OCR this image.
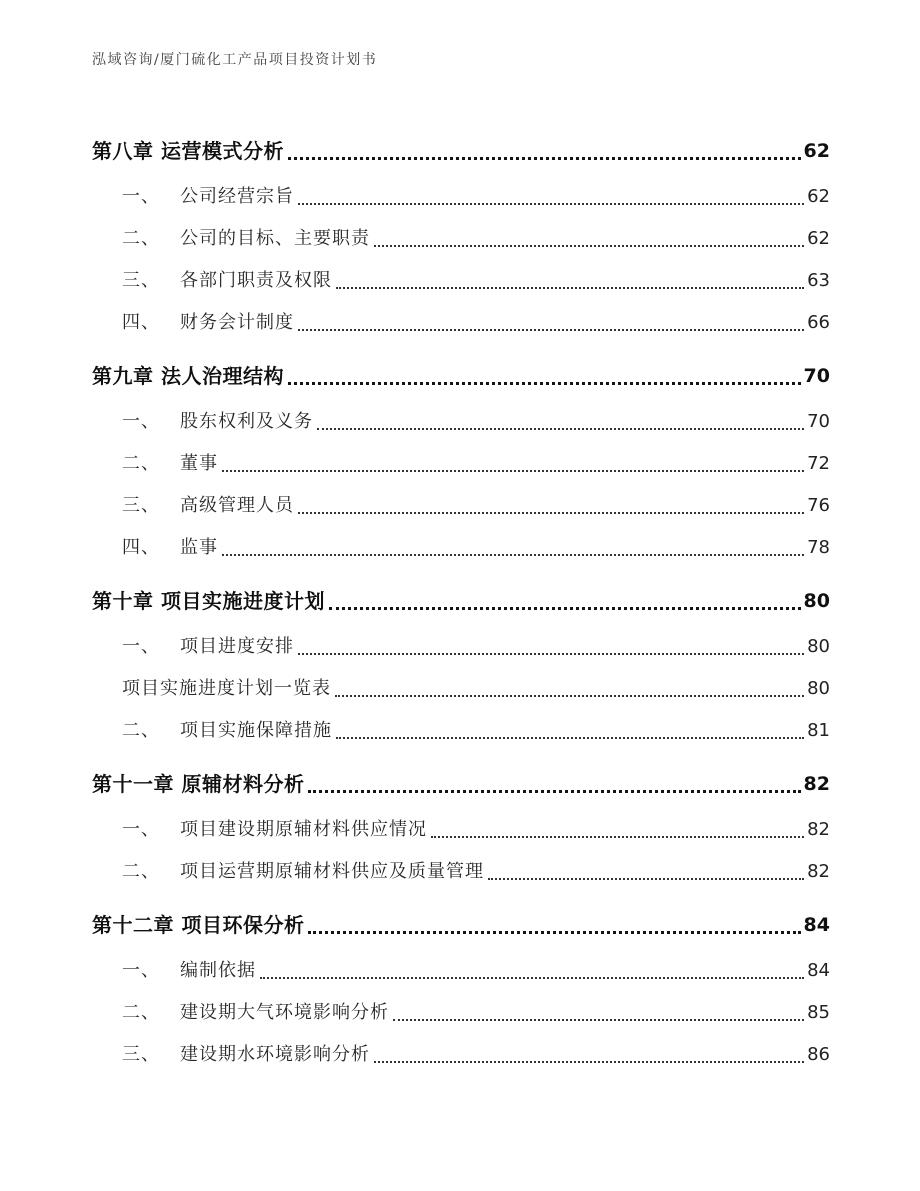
泓域咨询/厦门硫化工产品项目投资计划书
第八章 运营模式分析	62
一、 公司经营宗旨	62
二、 公司的目标、主要职责	62
三、 各部门职责及权限	63
四、 财务会计制度	66
第九章 法人治理结构	70
一、 股东权利及义务	70
二、 董事	72
三、 高级管理人员	76
四、 监事	78
第十章 项目实施进度计划	80
一、 项目进度安排	80
项目实施进度计划一览表	80
二、 项目实施保障措施	81
第十一章 原辅材料分析	82
一、 项目建设期原辅材料供应情况	82
二、 项目运营期原辅材料供应及质量管理	82
第十二章 项目环保分析	84
一、 编制依据	84
二、 建设期大气环境影响分析	85
三、 建设期水环境影响分析	86
